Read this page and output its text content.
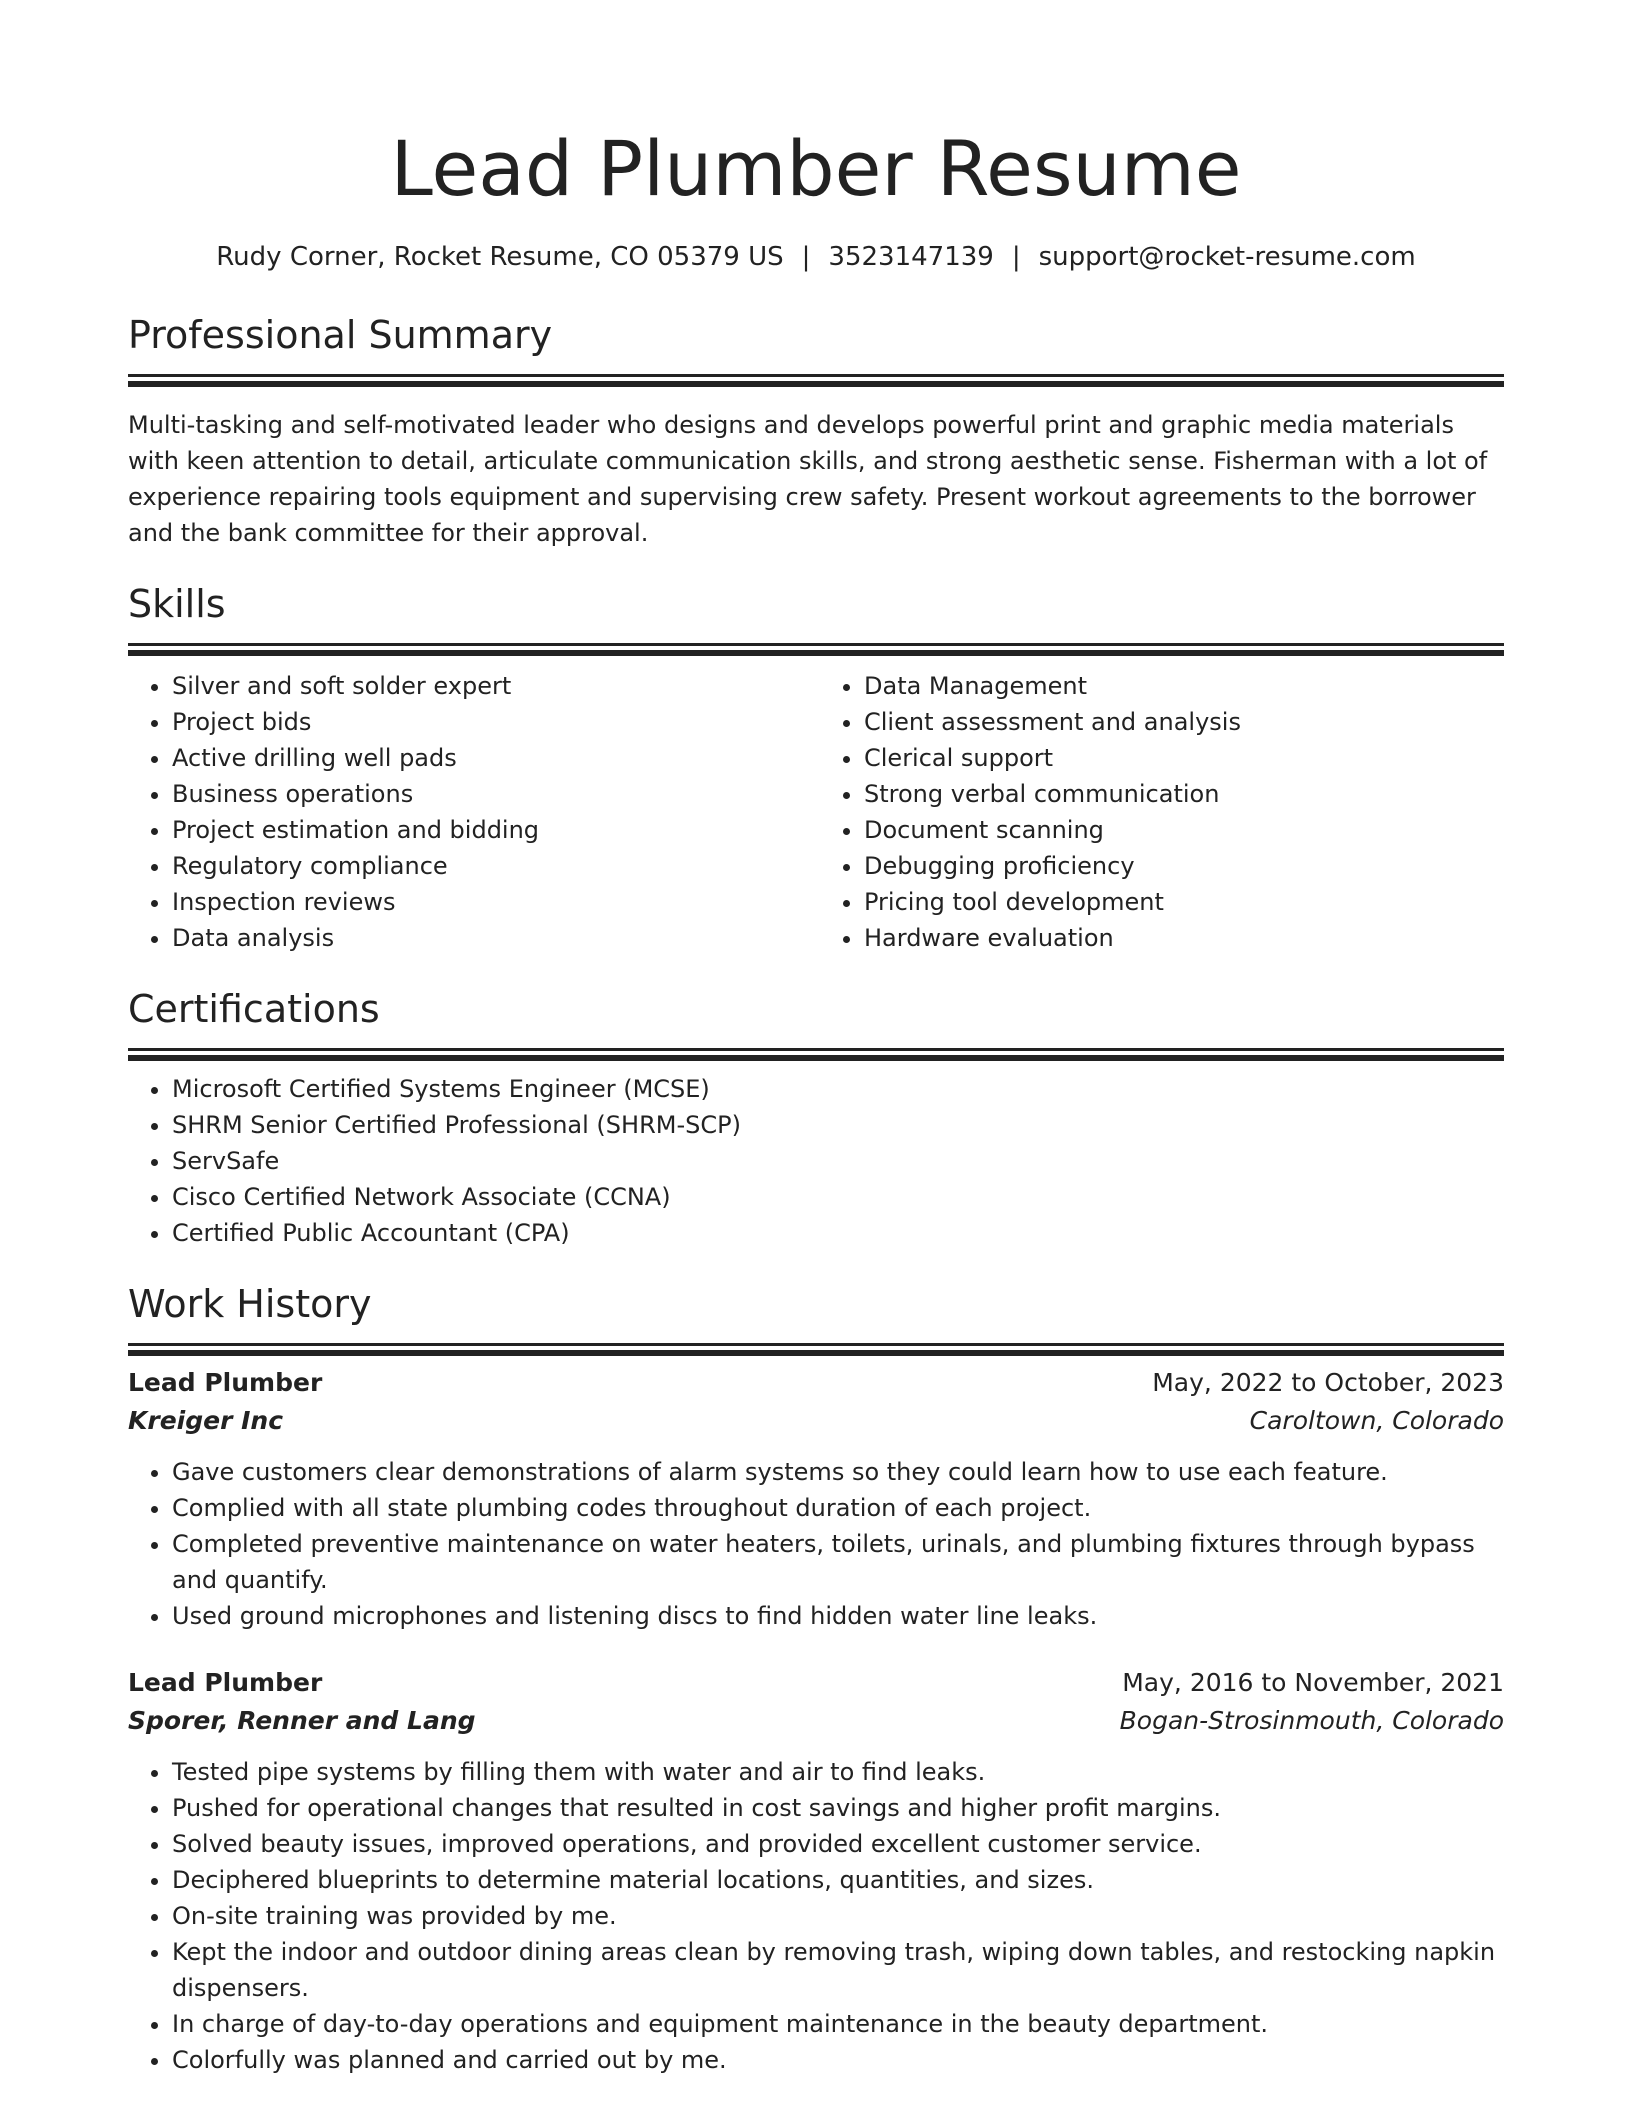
Lead Plumber Resume
Rudy Corner, Rocket Resume, CO 05379 US | 3523147139 | support@rocket-resume.com
Professional Summary

Multi-tasking and self-motivated leader who designs and develops powerful print and graphic media materials with keen attention to detail, articulate communication skills, and strong aesthetic sense. Fisherman with a lot of experience repairing tools equipment and supervising crew safety. Present workout agreements to the borrower and the bank committee for their approval.

Skills
• Silver and soft solder expert
• Project bids
• Active drilling well pads
• Business operations
• Project estimation and bidding
• Regulatory compliance
• Inspection reviews
• Data analysis
• Data Management
• Client assessment and analysis
• Clerical support
• Strong verbal communication
• Document scanning
• Debugging proficiency
• Pricing tool development
• Hardware evaluation
Certifications
• Microsoft Certified Systems Engineer (MCSE)
• SHRM Senior Certified Professional (SHRM-SCP)
• ServSafe
• Cisco Certified Network Associate (CCNA)
• Certified Public Accountant (CPA)
Work History
Lead Plumber	May, 2022 to October, 2023
Kreiger Inc	Caroltown, Colorado
• Gave customers clear demonstrations of alarm systems so they could learn how to use each feature.
• Complied with all state plumbing codes throughout duration of each project.
• Completed preventive maintenance on water heaters, toilets, urinals, and plumbing fixtures through bypass and quantify.
• Used ground microphones and listening discs to find hidden water line leaks.
Lead Plumber	May, 2016 to November, 2021
Sporer, Renner and Lang	Bogan-Strosinmouth, Colorado
• Tested pipe systems by filling them with water and air to find leaks.
• Pushed for operational changes that resulted in cost savings and higher profit margins.
• Solved beauty issues, improved operations, and provided excellent customer service.
• Deciphered blueprints to determine material locations, quantities, and sizes.
• On-site training was provided by me.
• Kept the indoor and outdoor dining areas clean by removing trash, wiping down tables, and restocking napkin dispensers.
• In charge of day-to-day operations and equipment maintenance in the beauty department.
• Colorfully was planned and carried out by me.
